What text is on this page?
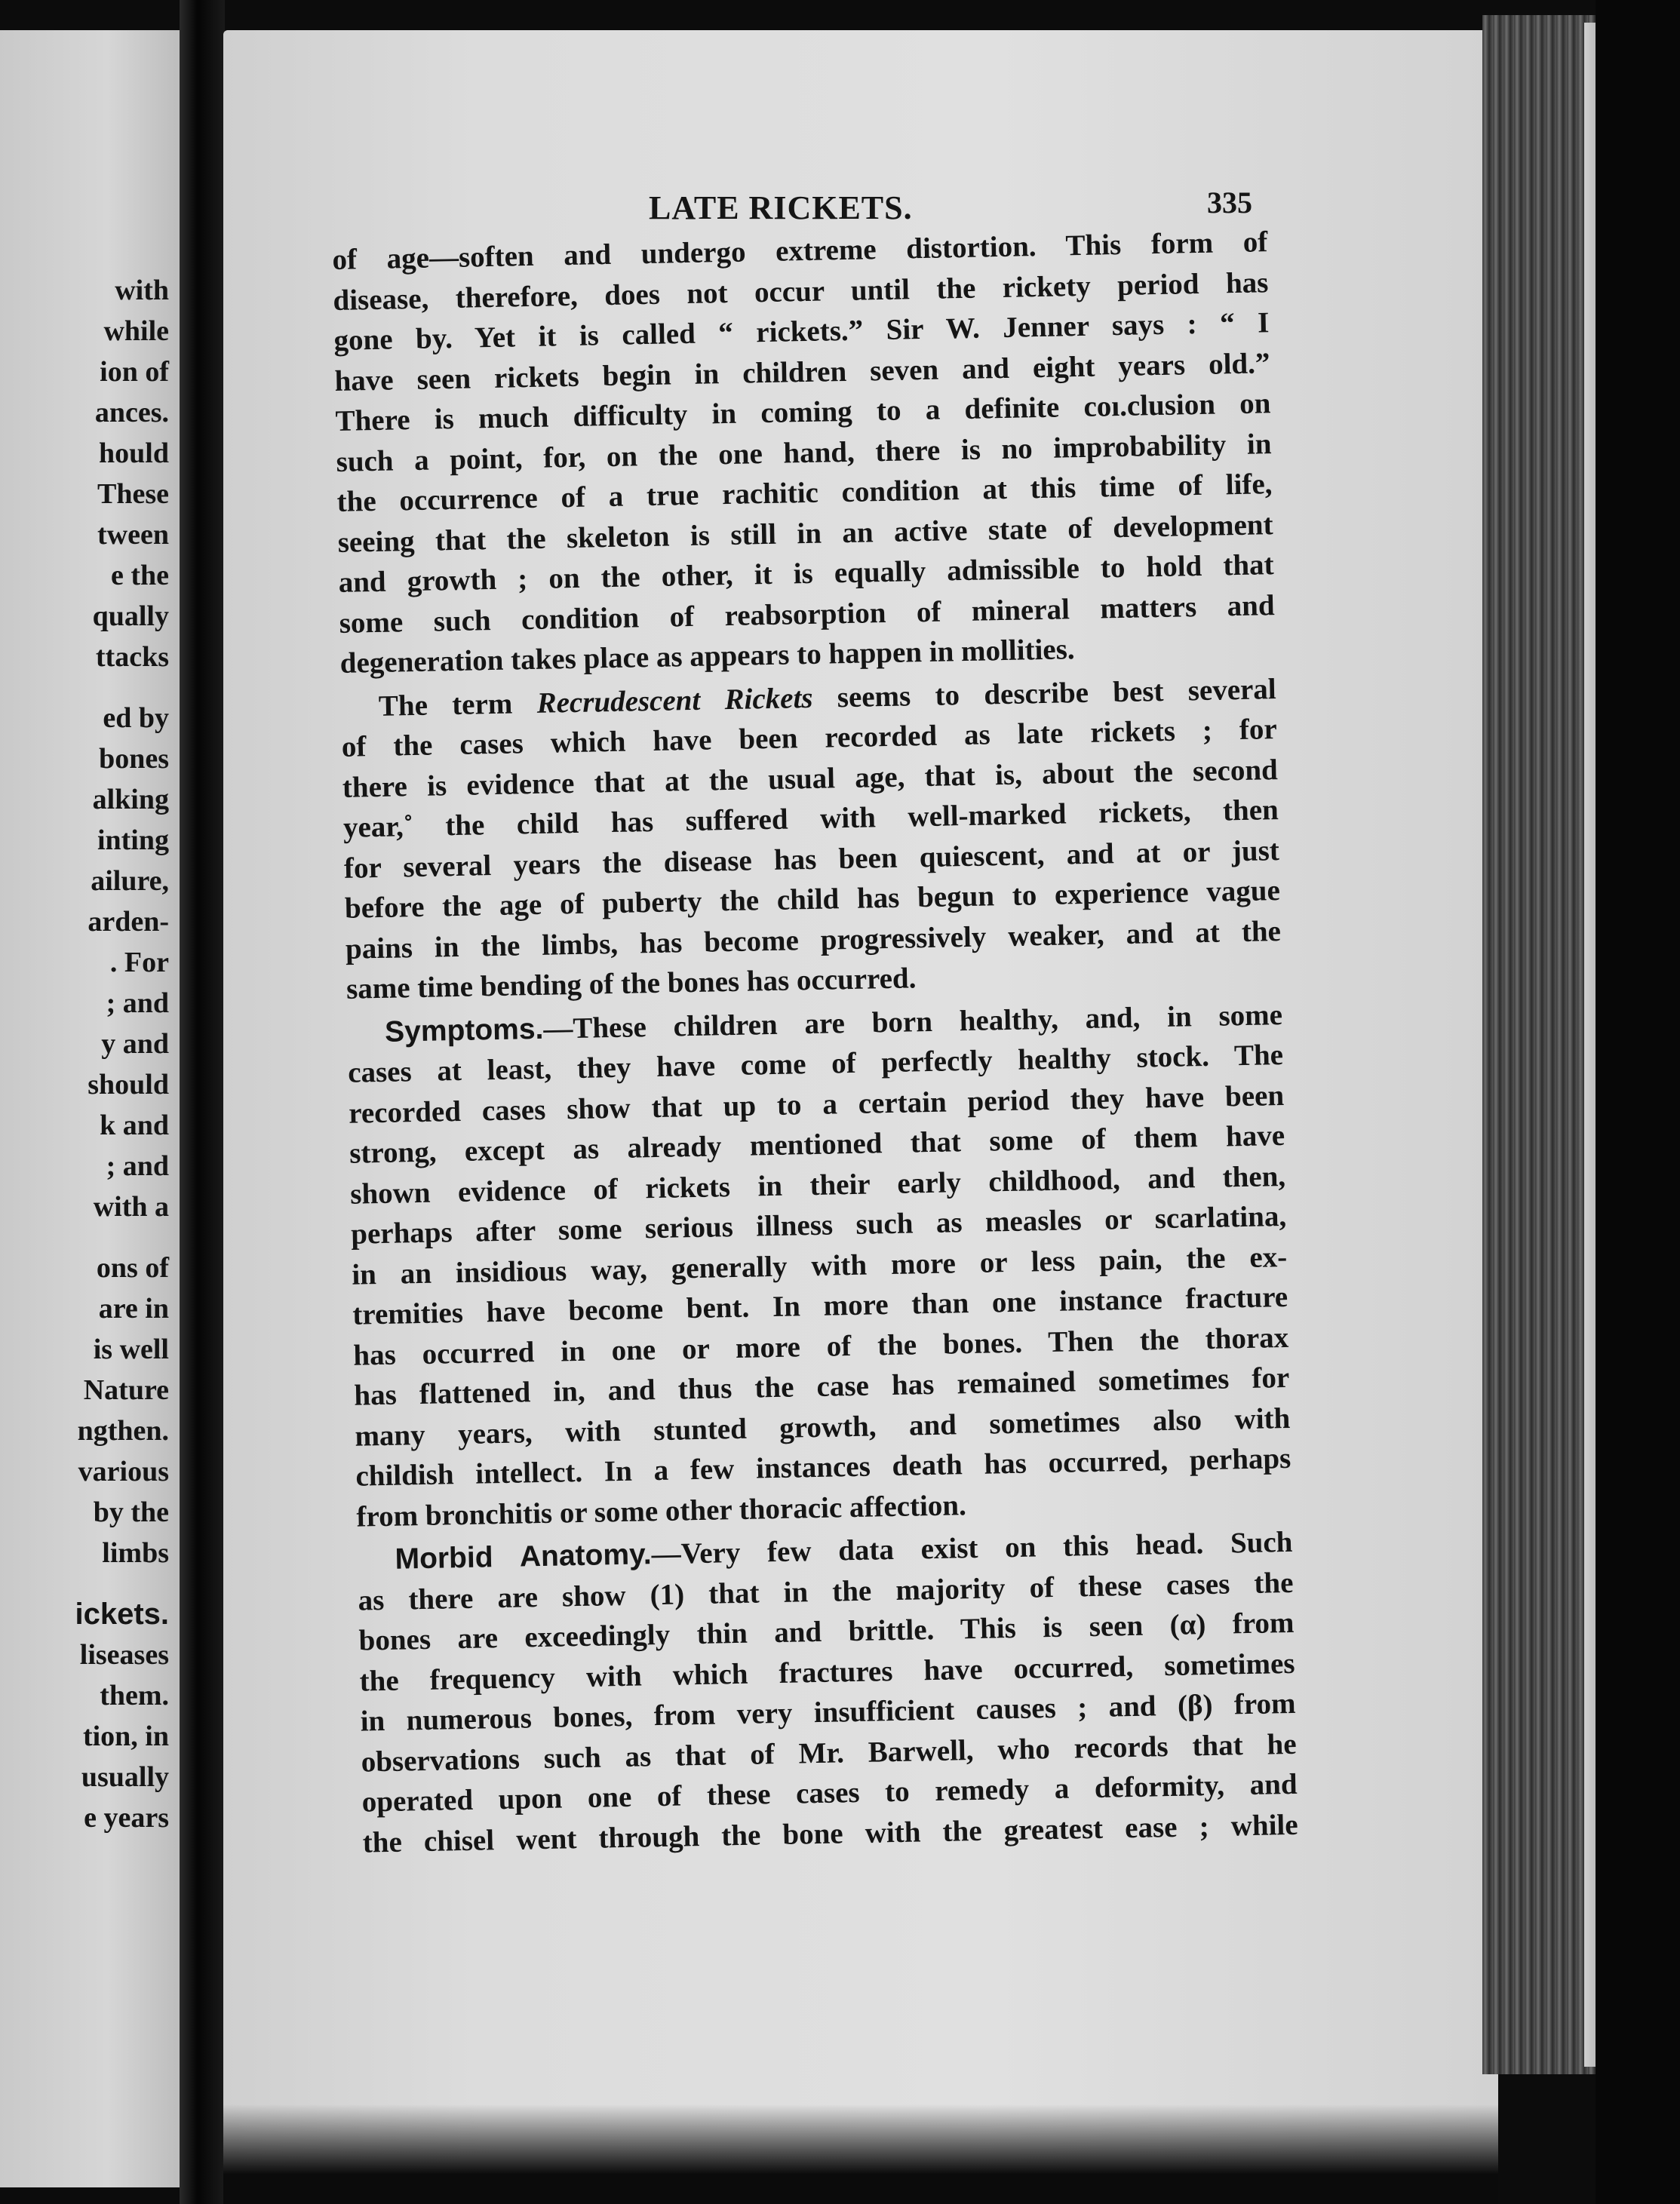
with
while
ion of
ances.
hould
These
tween
e the
qually
ttacks
ed by
bones
alking
inting
ailure,
arden-
. For
; and
y and
should
k and
; and
with a
ons of
are in
is well
Nature
ngthen.
various
by the
limbs
ickets.
liseases
them.
tion, in
usually
e years
LATE RICKETS.	335
of age—soften and undergo extreme distortion. This form of
disease, therefore, does not occur until the rickety period has
gone by. Yet it is called “ rickets.” Sir W. Jenner says : “ I
have seen rickets begin in children seven and eight years old.”
There is much difficulty in coming to a definite coı.clusion on
such a point, for, on the one hand, there is no improbability in
the occurrence of a true rachitic condition at this time of life,
seeing that the skeleton is still in an active state of development
and growth ; on the other, it is equally admissible to hold that
some such condition of reabsorption of mineral matters and
degeneration takes place as appears to happen in mollities.
The term Recrudescent Rickets seems to describe best several
of the cases which have been recorded as late rickets ; for
there is evidence that at the usual age, that is, about the second
year,˚ the child has suffered with well-marked rickets, then
for several years the disease has been quiescent, and at or just
before the age of puberty the child has begun to experience vague
pains in the limbs, has become progressively weaker, and at the
same time bending of the bones has occurred.
Symptoms.—These children are born healthy, and, in some
cases at least, they have come of perfectly healthy stock. The
recorded cases show that up to a certain period they have been
strong, except as already mentioned that some of them have
shown evidence of rickets in their early childhood, and then,
perhaps after some serious illness such as measles or scarlatina,
in an insidious way, generally with more or less pain, the ex-
tremities have become bent. In more than one instance fracture
has occurred in one or more of the bones. Then the thorax
has flattened in, and thus the case has remained sometimes for
many years, with stunted growth, and sometimes also with
childish intellect. In a few instances death has occurred, perhaps
from bronchitis or some other thoracic affection.
Morbid Anatomy.—Very few data exist on this head. Such
as there are show (1) that in the majority of these cases the
bones are exceedingly thin and brittle. This is seen (α) from
the frequency with which fractures have occurred, sometimes
in numerous bones, from very insufficient causes ; and (β) from
observations such as that of Mr. Barwell, who records that he
operated upon one of these cases to remedy a deformity, and
the chisel went through the bone with the greatest ease ; while
